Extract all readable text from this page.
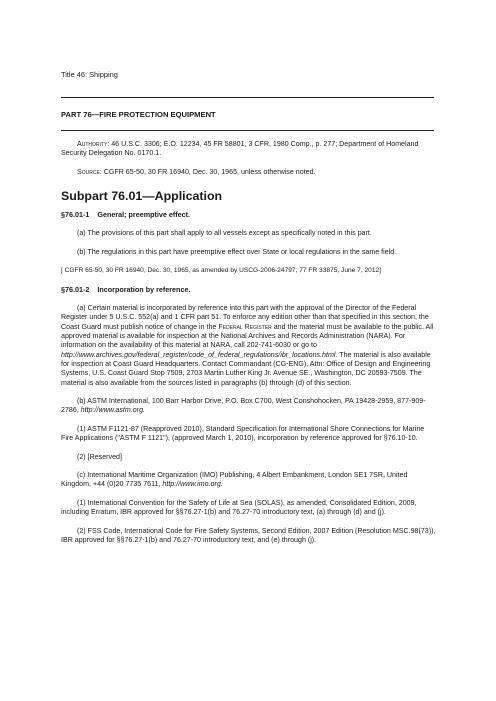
Title 46: Shipping
PART 76—FIRE PROTECTION EQUIPMENT

Authority: 46 U.S.C. 3306; E.O. 12234, 45 FR 58801, 3 CFR, 1980 Comp., p. 277; Department of Homeland Security Delegation No. 0170.1.

Source: CGFR 65-50, 30 FR 16940, Dec. 30, 1965, unless otherwise noted.

Subpart 76.01—Application

§76.01-1 General; preemptive effect.

(a) The provisions of this part shall apply to all vessels except as specifically noted in this part.

(b) The regulations in this part have preemptive effect over State or local regulations in the same field.

[ CGFR 65-50, 30 FR 16940, Dec. 30, 1965, as amended by USCG-2006-24797, 77 FR 33875, June 7, 2012]

§76.01-2 Incorporation by reference.

(a) Certain material is incorporated by reference into this part with the approval of the Director of the Federal Register under 5 U.S.C. 552(a) and 1 CFR part 51. To enforce any edition other than that specified in this section, the Coast Guard must publish notice of change in the Federal Register and the material must be available to the public. All approved material is available for inspection at the National Archives and Records Administration (NARA). For information on the availability of this material at NARA, call 202-741-6030 or go to http://www.archives.gov/federal_register/code_of_federal_regulations/ibr_locations.html. The material is also available for inspection at Coast Guard Headquarters. Contact Commandant (CG-ENG), Attn: Office of Design and Engineering Systems, U.S. Coast Guard Stop 7509, 2703 Martin Luther King Jr. Avenue SE., Washington, DC 20593-7509. The material is also available from the sources listed in paragraphs (b) through (d) of this section.

(b) ASTM International, 100 Barr Harbor Drive, P.O. Box C700, West Conshohocken, PA 19428-2959, 877-909-2786, http://www.astm.org.

(1) ASTM F1121-87 (Reapproved 2010), Standard Specification for International Shore Connections for Marine Fire Applications ("ASTM F 1121"), (approved March 1, 2010), incorporation by reference approved for §76.10-10.

(2) [Reserved]

(c) International Maritime Organization (IMO) Publishing, 4 Albert Embankment, London SE1 7SR, United Kingdom, +44 (0)20 7735 7611, http://www.imo.org.

(1) International Convention for the Safety of Life at Sea (SOLAS), as amended, Consolidated Edition, 2009, including Erratum, IBR approved for §§76.27-1(b) and 76.27-70 introductory text, (a) through (d) and (j).

(2) FSS Code, International Code for Fire Safety Systems, Second Edition, 2007 Edition (Resolution MSC.98(73)), IBR approved for §§76.27-1(b) and 76.27-70 introductory text, and (e) through (j).
